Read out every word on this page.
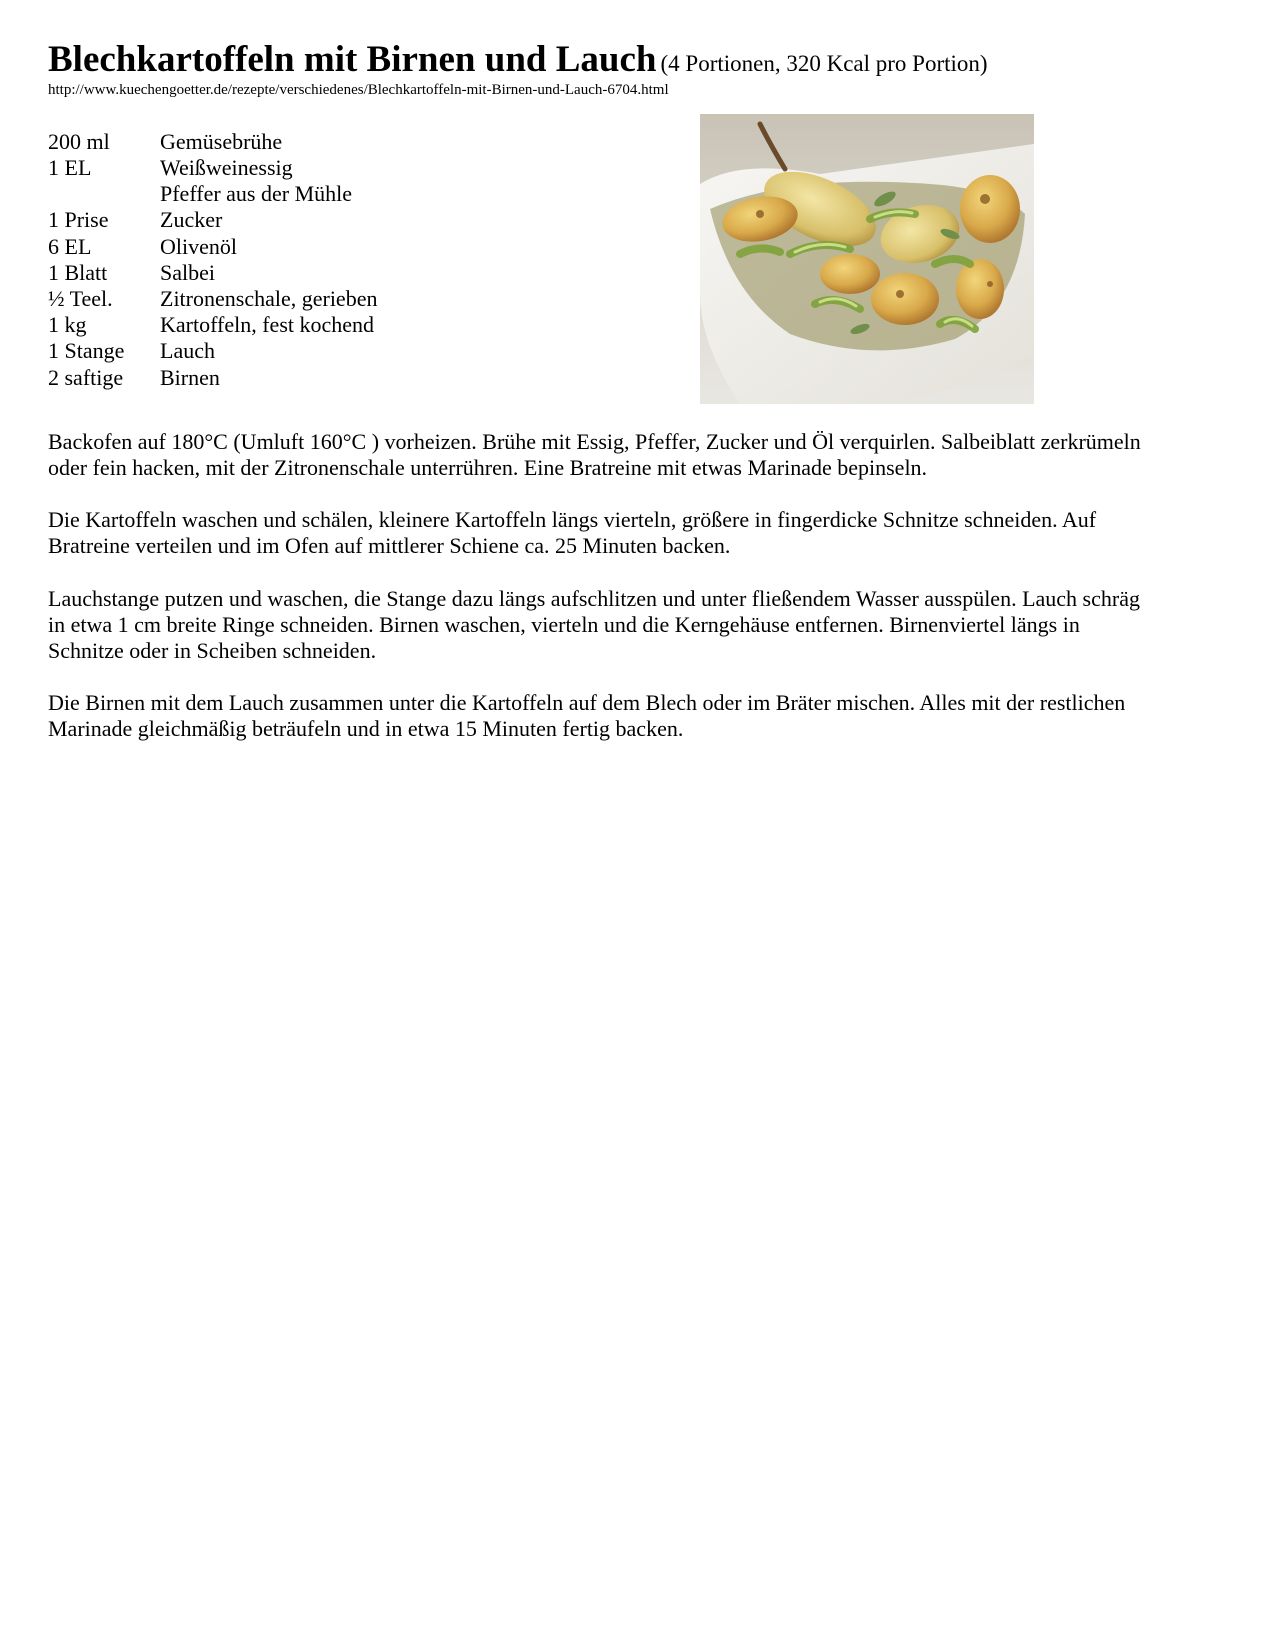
Blechkartoffeln mit Birnen und Lauch (4 Portionen, 320 Kcal pro Portion)
http://www.kuechengoetter.de/rezepte/verschiedenes/Blechkartoffeln-mit-Birnen-und-Lauch-6704.html
200 ml	Gemüsebrühe
1 EL	Weißweinessig
Pfeffer aus der Mühle
1 Prise	Zucker
6 EL	Olivenöl
1 Blatt	Salbei
½ Teel.	Zitronenschale, gerieben
1 kg	Kartoffeln, fest kochend
1 Stange	Lauch
2 saftige	Birnen

Backofen auf 180°C (Umluft 160°C ) vorheizen. Brühe mit Essig, Pfeffer, Zucker und Öl verquirlen. Salbeiblatt zerkrümeln oder fein hacken, mit der Zitronenschale unterrühren. Eine Bratreine mit etwas Marinade bepinseln.

Die Kartoffeln waschen und schälen, kleinere Kartoffeln längs vierteln, größere in fingerdicke Schnitze schneiden. Auf Bratreine verteilen und im Ofen auf mittlerer Schiene ca. 25 Minuten backen.

Lauchstange putzen und waschen, die Stange dazu längs aufschlitzen und unter fließendem Wasser ausspülen. Lauch schräg in etwa 1 cm breite Ringe schneiden. Birnen waschen, vierteln und die Kerngehäuse entfernen. Birnenviertel längs in Schnitze oder in Scheiben schneiden.

Die Birnen mit dem Lauch zusammen unter die Kartoffeln auf dem Blech oder im Bräter mischen. Alles mit der restlichen Marinade gleichmäßig beträufeln und in etwa 15 Minuten fertig backen.
